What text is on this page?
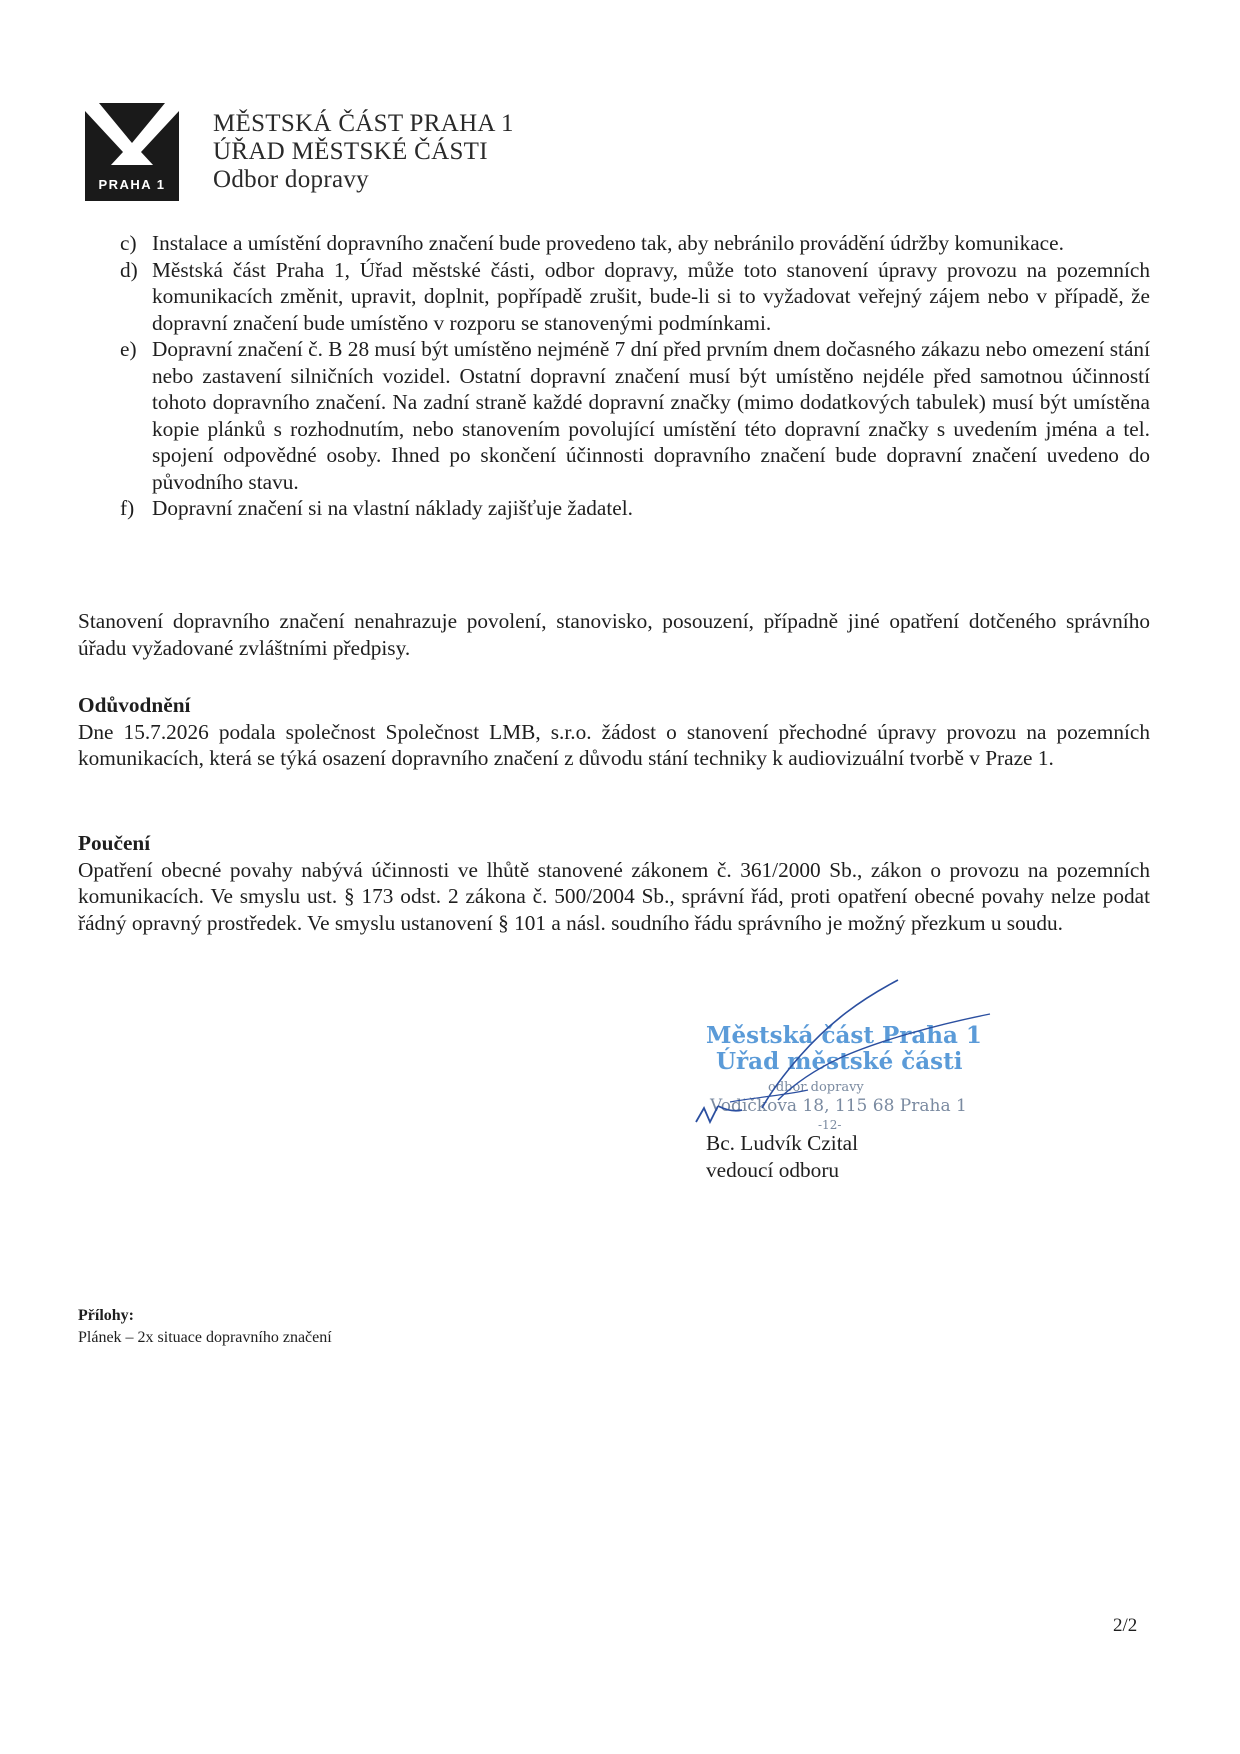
PRAHA 1
MĚSTSKÁ ČÁST PRAHA 1
ÚŘAD MĚSTSKÉ ČÁSTI
Odbor dopravy
c) Instalace a umístění dopravního značení bude provedeno tak, aby nebránilo provádění údržby komunikace.
d) Městská část Praha 1, Úřad městské části, odbor dopravy, může toto stanovení úpravy provozu na pozemních komunikacích změnit, upravit, doplnit, popřípadě zrušit, bude-li si to vyžadovat veřejný zájem nebo v případě, že dopravní značení bude umístěno v rozporu se stanovenými podmínkami.
e) Dopravní značení č. B 28 musí být umístěno nejméně 7 dní před prvním dnem dočasného zákazu nebo omezení stání nebo zastavení silničních vozidel. Ostatní dopravní značení musí být umístěno nejdéle před samotnou účinností tohoto dopravního značení. Na zadní straně každé dopravní značky (mimo dodatkových tabulek) musí být umístěna kopie plánků s rozhodnutím, nebo stanovením povolující umístění této dopravní značky s uvedením jména a tel. spojení odpovědné osoby. Ihned po skončení účinnosti dopravního značení bude dopravní značení uvedeno do původního stavu.
f) Dopravní značení si na vlastní náklady zajišťuje žadatel.

Stanovení dopravního značení nenahrazuje povolení, stanovisko, posouzení, případně jiné opatření dotčeného správního úřadu vyžadované zvláštními předpisy.

Odůvodnění

Dne 15.7.2026 podala společnost Společnost LMB, s.r.o. žádost o stanovení přechodné úpravy provozu na pozemních komunikacích, která se týká osazení dopravního značení z důvodu stání techniky k audiovizuální tvorbě v Praze 1.

Poučení

Opatření obecné povahy nabývá účinnosti ve lhůtě stanovené zákonem č. 361/2000 Sb., zákon o provozu na pozemních komunikacích. Ve smyslu ust. § 173 odst. 2 zákona č. 500/2004 Sb., správní řád, proti opatření obecné povahy nelze podat řádný opravný prostředek. Ve smyslu ustanovení § 101 a násl. soudního řádu správního je možný přezkum u soudu.

Městská část Praha 1
Úřad městské části
odbor dopravy
Vodičkova 18, 115 68 Praha 1
-12-
Bc. Ludvík Czital
vedoucí odboru
Přílohy:
Plánek – 2x situace dopravního značení
2/2
